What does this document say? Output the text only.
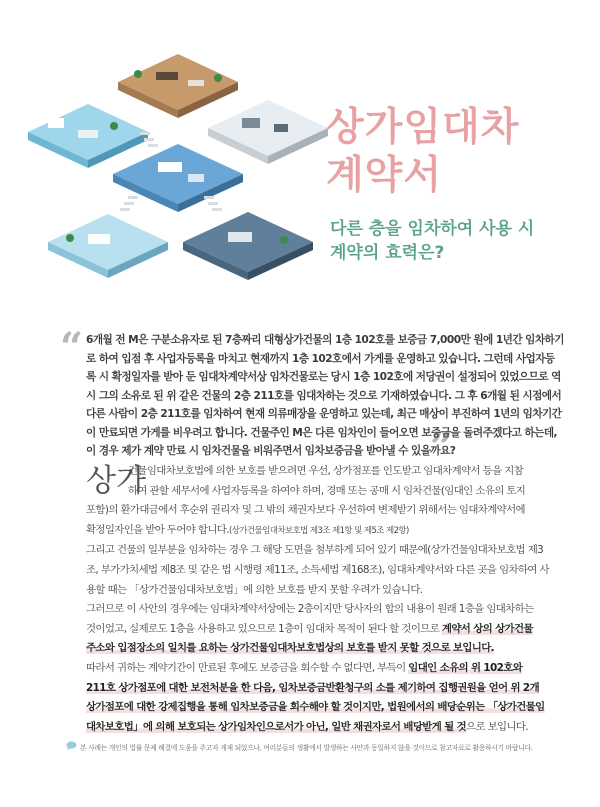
상가임대차
계약서
다른 층을 임차하여 사용 시
계약의 효력은?
“
”
6개월 전 M은 구분소유자로 된 7층짜리 대형상가건물의 1층 102호를 보증금 7,000만 원에 1년간 임차하기
로 하여 입점 후 사업자등록을 마치고 현재까지 1층 102호에서 가게를 운영하고 있습니다. 그런데 사업자등
록 시 확정일자를 받아 둔 임대차계약서상 임차건물로는 당시 1층 102호에 저당권이 설정되어 있었으므로 역
시 그의 소유로 된 위 같은 건물의 2층 211호를 임대차하는 것으로 기재하였습니다. 그 후 6개월 된 시점에서
다른 사람이 2층 211호를 임차하여 현재 의류매장을 운영하고 있는데, 최근 매상이 부진하여 1년의 임차기간
이 만료되면 가게를 비우려고 합니다. 건물주인 M은 다른 임차인이 들어오면 보증금을 돌려주겠다고 하는데,
이 경우 제가 계약 만료 시 임차건물을 비워주면서 임차보증금을 받아낼 수 있을까요?
상가
건물임대차보호법에 의한 보호를 받으려면 우선, 상가점포를 인도받고 임대차계약서 등을 지참
하여 관할 세무서에 사업자등록을 하여야 하며, 경매 또는 공매 시 임차건물(임대인 소유의 토지
포함)의 환가대금에서 후순위 권리자 및 그 밖의 채권자보다 우선하여 변제받기 위해서는 임대차계약서에
확정일자인을 받아 두어야 합니다.(상가건물임대차보호법 제3조 제1항 및 제5조 제2항)
그리고 건물의 일부분을 임차하는 경우 그 해당 도면을 첨부하게 되어 있기 때문에(상가건물임대차보호법 제3
조, 부가가치세법 제8조 및 같은 법 시행령 제11조, 소득세법 제168조), 임대차계약서와 다른 곳을 임차하여 사
용할 때는 「상가건물임대차보호법」에 의한 보호를 받지 못할 우려가 있습니다.
그러므로 이 사안의 경우에는 임대차계약서상에는 2층이지만 당사자의 합의 내용이 원래 1층을 임대차하는
것이었고, 실제로도 1층을 사용하고 있으므로 1층이 임대차 목적이 된다 할 것이므로 계약서 상의 상가건물
주소와 입점장소의 일치를 요하는 상가건물임대차보호법상의 보호를 받지 못할 것으로 보입니다.
따라서 귀하는 계약기간이 만료된 후에도 보증금을 회수할 수 없다면, 부득이 임대인 소유의 위 102호와
211호 상가점포에 대한 보전처분을 한 다음, 임차보증금반환청구의 소를 제기하여 집행권원을 얻어 위 2개
상가점포에 대한 강제집행을 통해 임차보증금을 회수해야 할 것이지만, 법원에서의 배당순위는 「상가건물임
대차보호법」에 의해 보호되는 상가임차인으로서가 아닌, 일반 채권자로서 배당받게 될 것으로 보입니다.
본 사례는 개인의 법률 문제 해결에 도움을 주고자 게재 되었으나, 여러분들의 생활에서 발생하는 사안과 동일하지 않을 것이므로 참고자료로 활용하시기 바랍니다.
